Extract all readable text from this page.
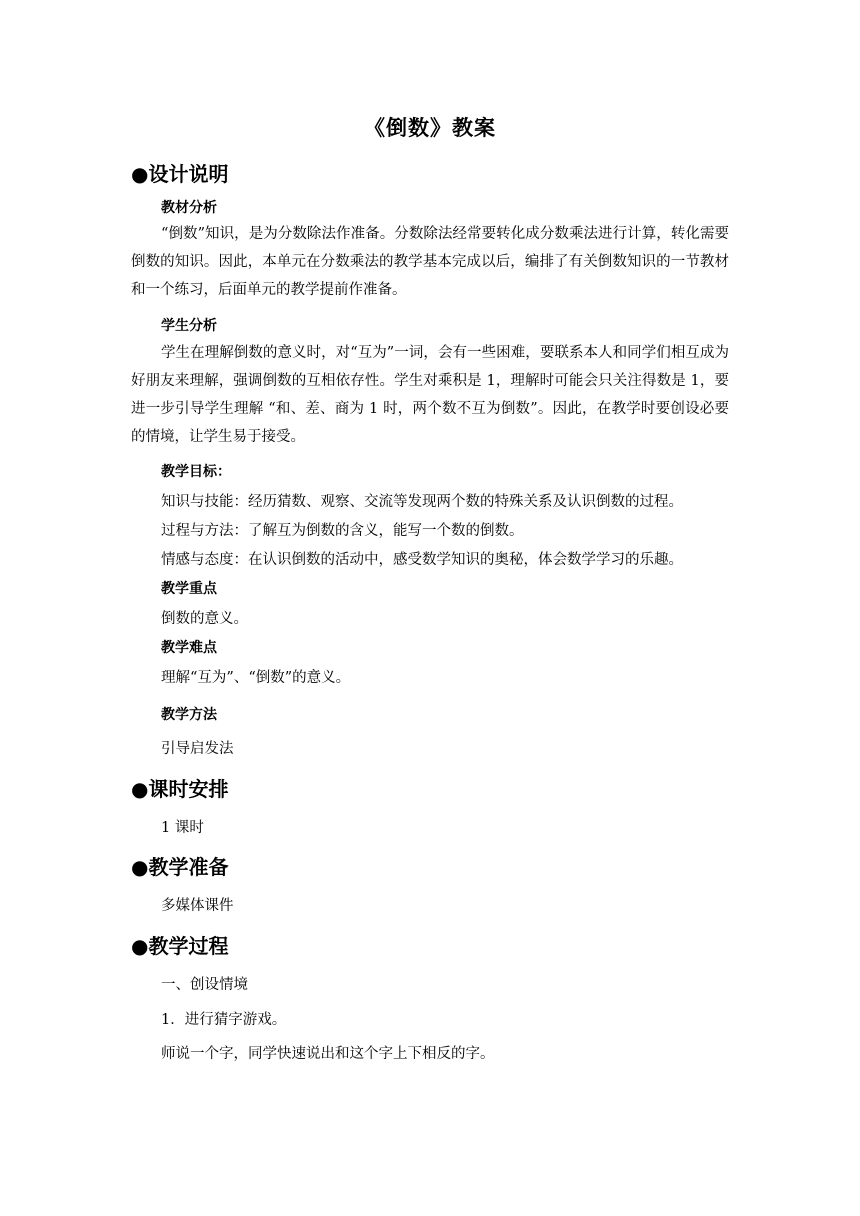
《倒数》教案
●设计说明
教材分析

“倒数”知识，是为分数除法作准备。分数除法经常要转化成分数乘法进行计算，转化需要倒数的知识。因此，本单元在分数乘法的教学基本完成以后，编排了有关倒数知识的一节教材和一个练习，后面单元的教学提前作准备。

学生分析

学生在理解倒数的意义时，对“互为”一词，会有一些困难，要联系本人和同学们相互成为好朋友来理解，强调倒数的互相依存性。学生对乘积是 1，理解时可能会只关注得数是 1，要进一步引导学生理解 “和、差、商为 1 时，两个数不互为倒数”。因此，在教学时要创设必要的情境，让学生易于接受。

教学目标：
知识与技能：经历猜数、观察、交流等发现两个数的特殊关系及认识倒数的过程。
过程与方法：了解互为倒数的含义，能写一个数的倒数。
情感与态度：在认识倒数的活动中，感受数学知识的奥秘，体会数学学习的乐趣。
教学重点
倒数的意义。
教学难点
理解“互为”、“倒数”的意义。
教学方法
引导启发法
●课时安排
1 课时
●教学准备
多媒体课件
●教学过程
一、创设情境
1．进行猜字游戏。
师说一个字，同学快速说出和这个字上下相反的字。
